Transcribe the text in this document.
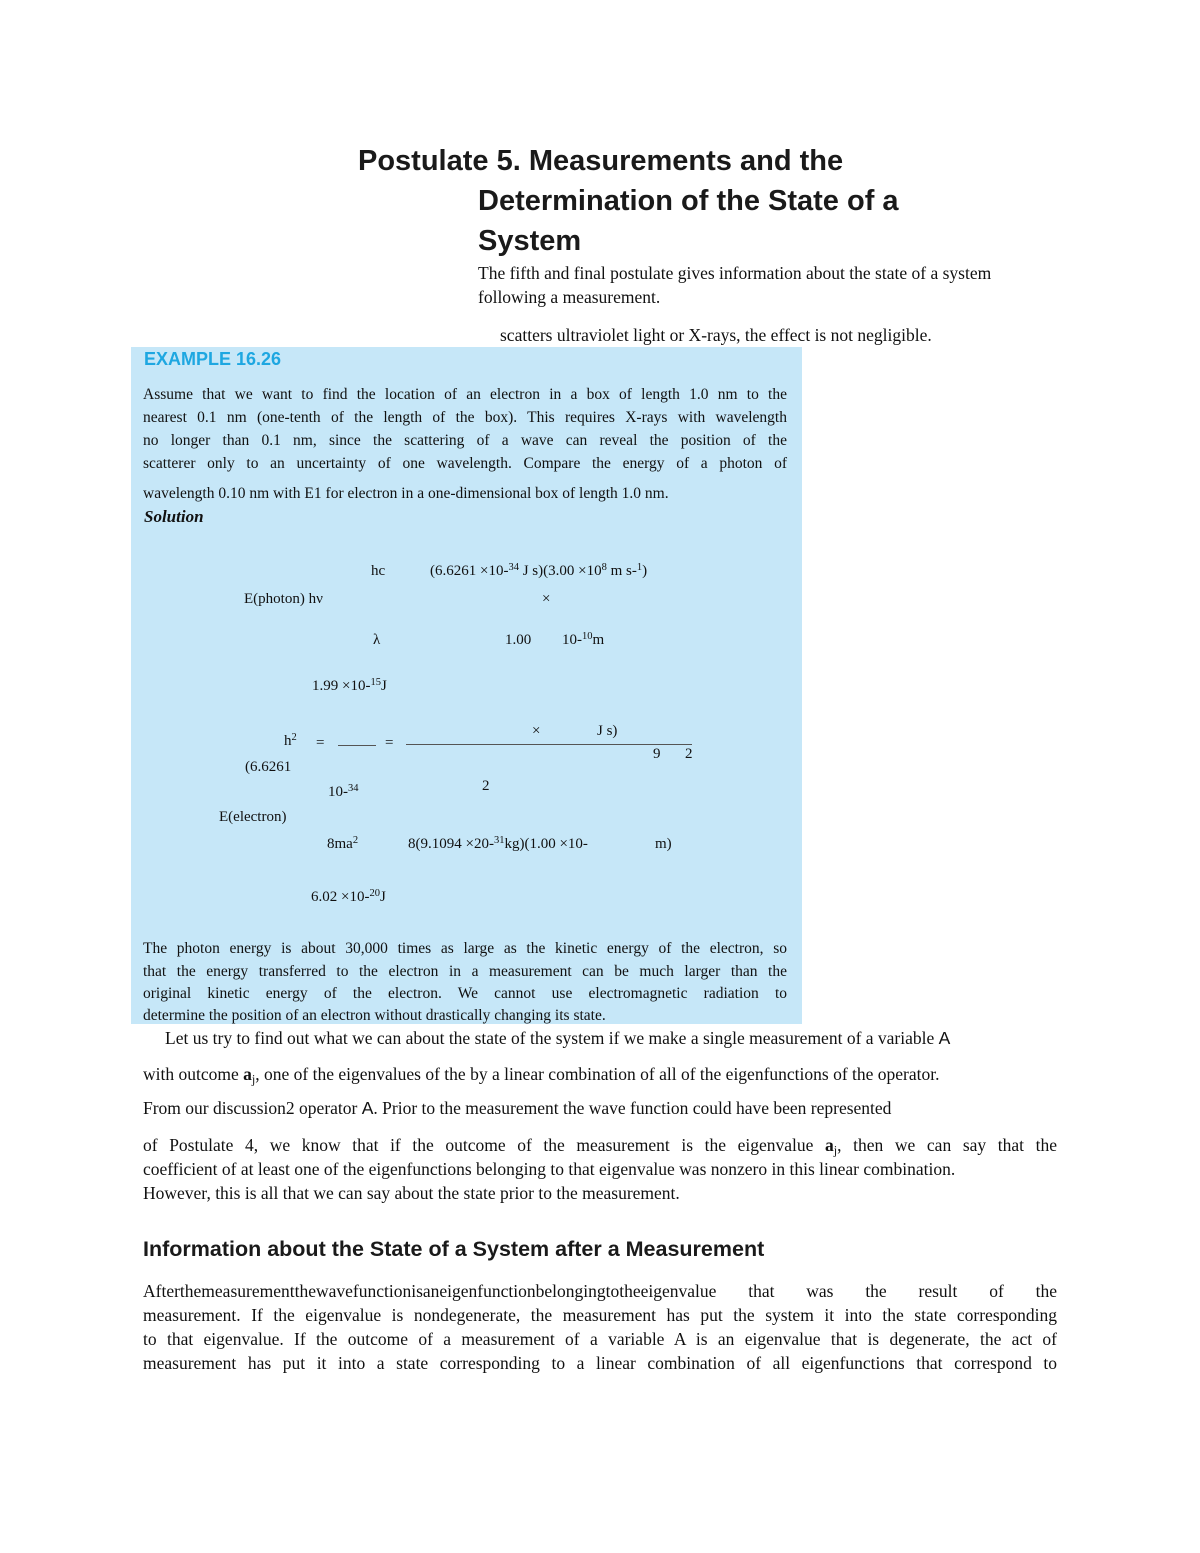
Postulate 5. Measurements and the
Determination of the State of a
System
The fifth and final postulate gives information about the state of a system
following a measurement.
scatters ultraviolet light or X-rays, the effect is not negligible.
EXAMPLE 16.26
Assume that we want to find the location of an electron in a box of length 1.0 nm to the
nearest 0.1 nm (one-tenth of the length of the box). This requires X-rays with wavelength
no longer than 0.1 nm, since the scattering of a wave can reveal the position of the
scatterer only to an uncertainty of one wavelength. Compare the energy of a photon of
wavelength 0.10 nm with E1 for electron in a one-dimensional box of length 1.0 nm.
Solution
hc	(6.6261 ×10-$^{34}$ J $s)(3.00 \times 10^8$ m s-$^1$)
E(photon) hν	×
λ	1.00 10-$^{10}$m
1.99 ×10-$^{15}$J
$h^2$ =	=
×	J s)
9 2
(6.6261
10-$^{34}$	2
E(electron)
$8ma^2$	8(9.1094 ×20-$^{31}$kg)(1.00 ×10-	m)
6.02 ×10-$^{20}$J
The photon energy is about 30,000 times as large as the kinetic energy of the electron, so
that the energy transferred to the electron in a measurement can be much larger than the
original kinetic energy of the electron. We cannot use electromagnetic radiation to
determine the position of an electron without drastically changing its state.
Let us try to find out what we can about the state of the system if we make a single measurement of a variable A
with outcome $a_j$, one of the eigenvalues of the by a linear combination of all of the eigenfunctions of the operator.
From our discussion2 operator A. Prior to the measurement the wave function could have been represented
of Postulate 4, we know that if the outcome of the measurement is the eigenvalue $a_j$, then we can say that the
coefficient of at least one of the eigenfunctions belonging to that eigenvalue was nonzero in this linear combination.
However, this is all that we can say about the state prior to the measurement.
Information about the State of a System after a Measurement
Afterthemeasurementthewavefunctionisaneigenfunctionbelongingtotheeigenvalue that was the result of the
measurement. If the eigenvalue is nondegenerate, the measurement has put the system it into the state corresponding
to that eigenvalue. If the outcome of a measurement of a variable A is an eigenvalue that is degenerate, the act of
measurement has put it into a state corresponding to a linear combination of all eigenfunctions that correspond to
